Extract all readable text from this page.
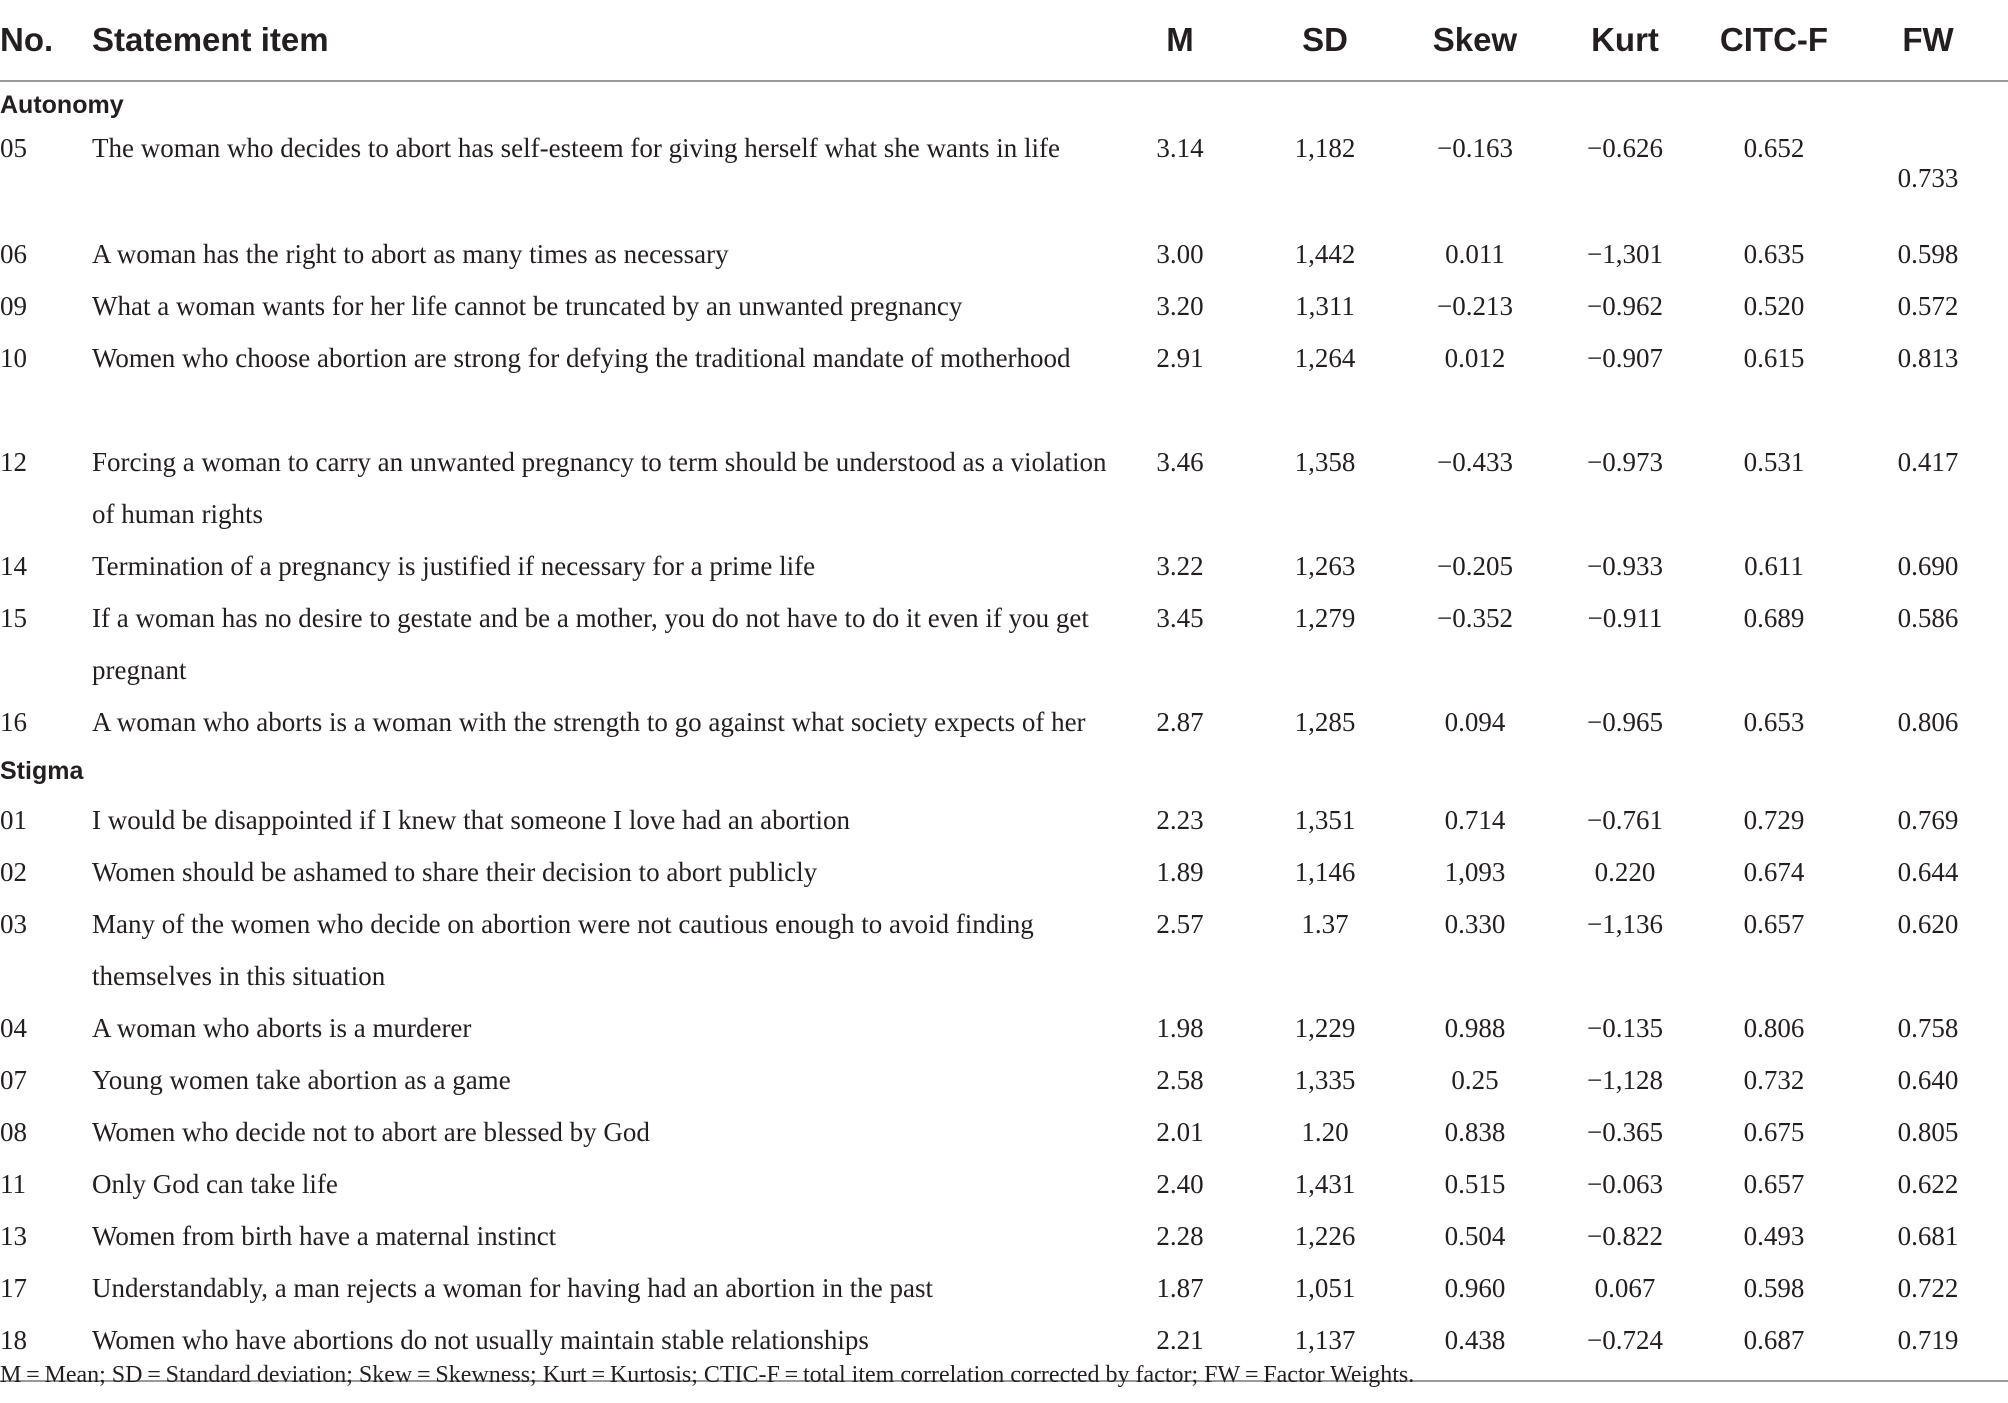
No.	Statement item	M	SD	Skew	Kurt	CITC-F	FW
Autonomy							
05	The woman who decides to abort has self-esteem for giving herself what she wants in life	3.14	1,182	−0.163	−0.626	0.652	0.733
06	A woman has the right to abort as many times as necessary	3.00	1,442	0.011	−1,301	0.635	0.598
09	What a woman wants for her life cannot be truncated by an unwanted pregnancy	3.20	1,311	−0.213	−0.962	0.520	0.572
10	Women who choose abortion are strong for defying the traditional mandate of motherhood	2.91	1,264	0.012	−0.907	0.615	0.813
12	Forcing a woman to carry an unwanted pregnancy to term should be understood as a violation of human rights	3.46	1,358	−0.433	−0.973	0.531	0.417
14	Termination of a pregnancy is justified if necessary for a prime life	3.22	1,263	−0.205	−0.933	0.611	0.690
15	If a woman has no desire to gestate and be a mother, you do not have to do it even if you get pregnant	3.45	1,279	−0.352	−0.911	0.689	0.586
16	A woman who aborts is a woman with the strength to go against what society expects of her	2.87	1,285	0.094	−0.965	0.653	0.806
Stigma							
01	I would be disappointed if I knew that someone I love had an abortion	2.23	1,351	0.714	−0.761	0.729	0.769
02	Women should be ashamed to share their decision to abort publicly	1.89	1,146	1,093	0.220	0.674	0.644
03	Many of the women who decide on abortion were not cautious enough to avoid finding themselves in this situation	2.57	1.37	0.330	−1,136	0.657	0.620
04	A woman who aborts is a murderer	1.98	1,229	0.988	−0.135	0.806	0.758
07	Young women take abortion as a game	2.58	1,335	0.25	−1,128	0.732	0.640
08	Women who decide not to abort are blessed by God	2.01	1.20	0.838	−0.365	0.675	0.805
11	Only God can take life	2.40	1,431	0.515	−0.063	0.657	0.622
13	Women from birth have a maternal instinct	2.28	1,226	0.504	−0.822	0.493	0.681
17	Understandably, a man rejects a woman for having had an abortion in the past	1.87	1,051	0.960	0.067	0.598	0.722
18	Women who have abortions do not usually maintain stable relationships	2.21	1,137	0.438	−0.724	0.687	0.719
M = Mean; SD = Standard deviation; Skew = Skewness; Kurt = Kurtosis; CTIC-F = total item correlation corrected by factor; FW = Factor Weights.
